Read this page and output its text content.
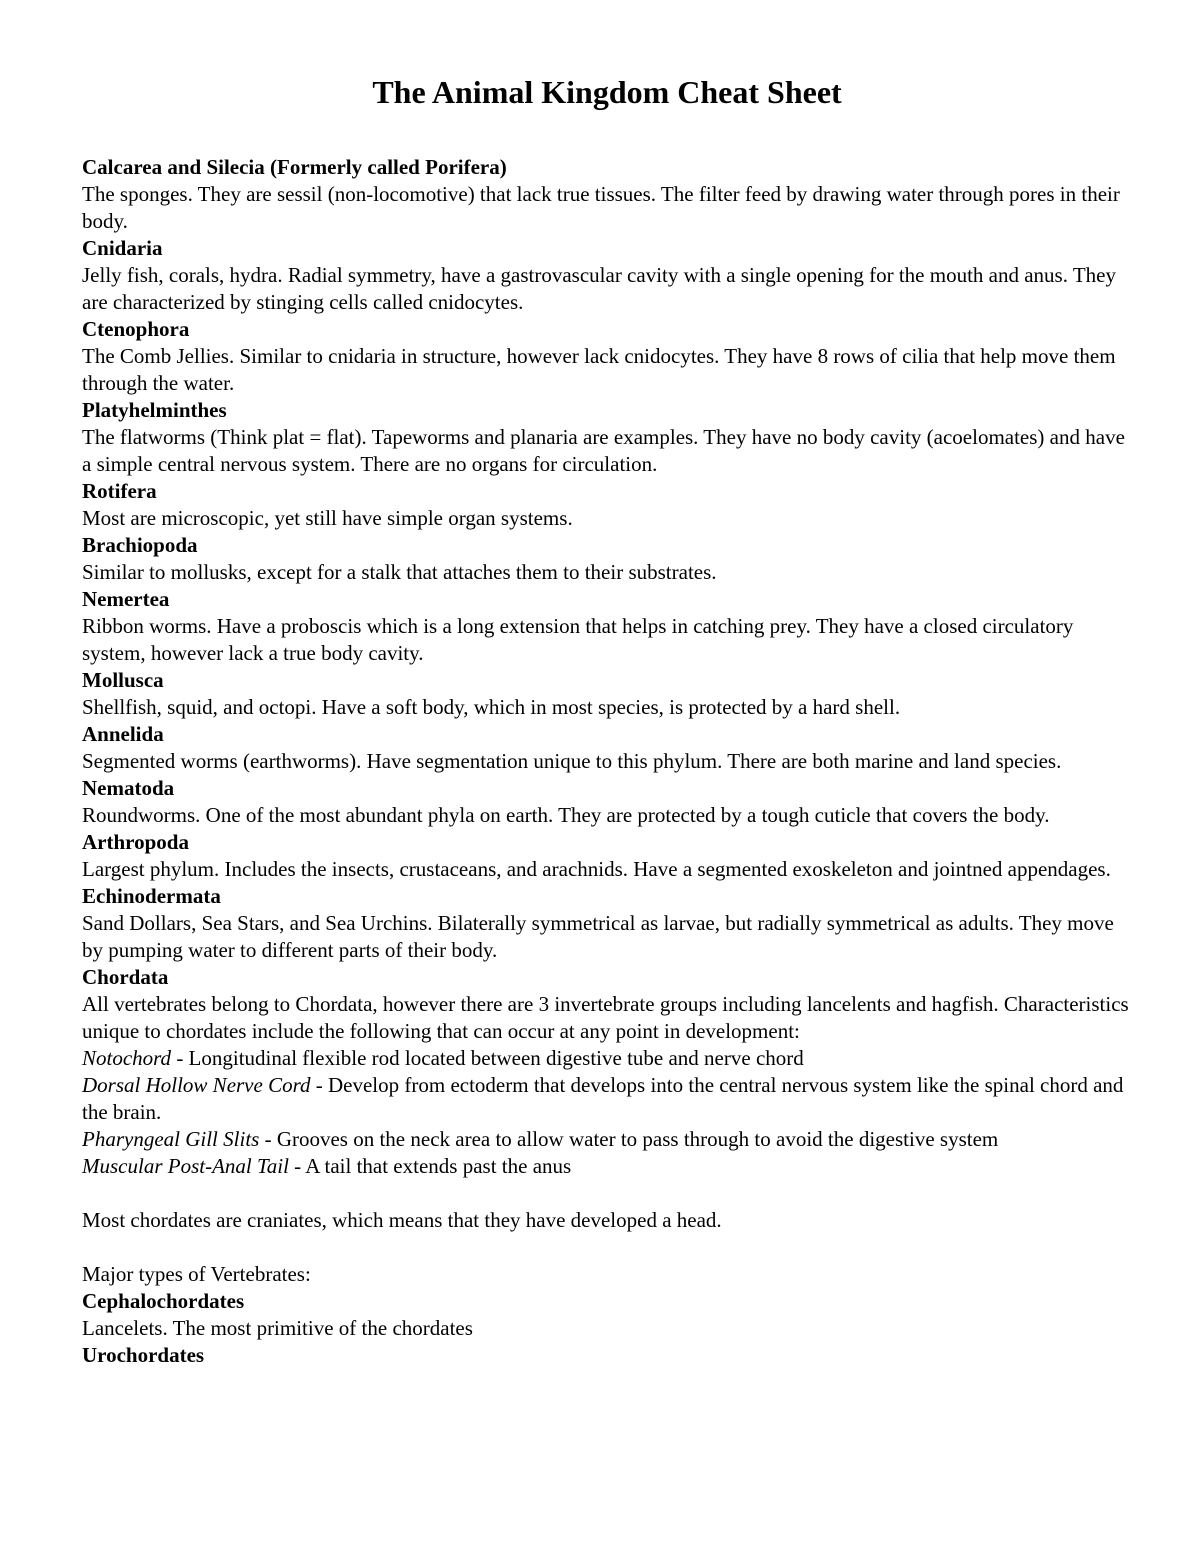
The Animal Kingdom Cheat Sheet
Calcarea and Silecia (Formerly called Porifera)
The sponges. They are sessil (non-locomotive) that lack true tissues. The filter feed by drawing water through pores in their body.
Cnidaria
Jelly fish, corals, hydra. Radial symmetry, have a gastrovascular cavity with a single opening for the mouth and anus. They are characterized by stinging cells called cnidocytes.
Ctenophora
The Comb Jellies. Similar to cnidaria in structure, however lack cnidocytes. They have 8 rows of cilia that help move them through the water.
Platyhelminthes
The flatworms (Think plat = flat). Tapeworms and planaria are examples. They have no body cavity (acoelomates) and have a simple central nervous system. There are no organs for circulation.
Rotifera
Most are microscopic, yet still have simple organ systems.
Brachiopoda
Similar to mollusks, except for a stalk that attaches them to their substrates.
Nemertea
Ribbon worms. Have a proboscis which is a long extension that helps in catching prey. They have a closed circulatory system, however lack a true body cavity.
Mollusca
Shellfish, squid, and octopi. Have a soft body, which in most species, is protected by a hard shell.
Annelida
Segmented worms (earthworms). Have segmentation unique to this phylum. There are both marine and land species.
Nematoda
Roundworms. One of the most abundant phyla on earth. They are protected by a tough cuticle that covers the body.
Arthropoda
Largest phylum. Includes the insects, crustaceans, and arachnids. Have a segmented exoskeleton and jointned appendages.
Echinodermata
Sand Dollars, Sea Stars, and Sea Urchins. Bilaterally symmetrical as larvae, but radially symmetrical as adults. They move by pumping water to different parts of their body.
Chordata
All vertebrates belong to Chordata, however there are 3 invertebrate groups including lancelents and hagfish. Characteristics unique to chordates include the following that can occur at any point in development:
Notochord - Longitudinal flexible rod located between digestive tube and nerve chord
Dorsal Hollow Nerve Cord - Develop from ectoderm that develops into the central nervous system like the spinal chord and the brain.
Pharyngeal Gill Slits - Grooves on the neck area to allow water to pass through to avoid the digestive system
Muscular Post-Anal Tail - A tail that extends past the anus
Most chordates are craniates, which means that they have developed a head.
Major types of Vertebrates:
Cephalochordates
Lancelets. The most primitive of the chordates
Urochordates
